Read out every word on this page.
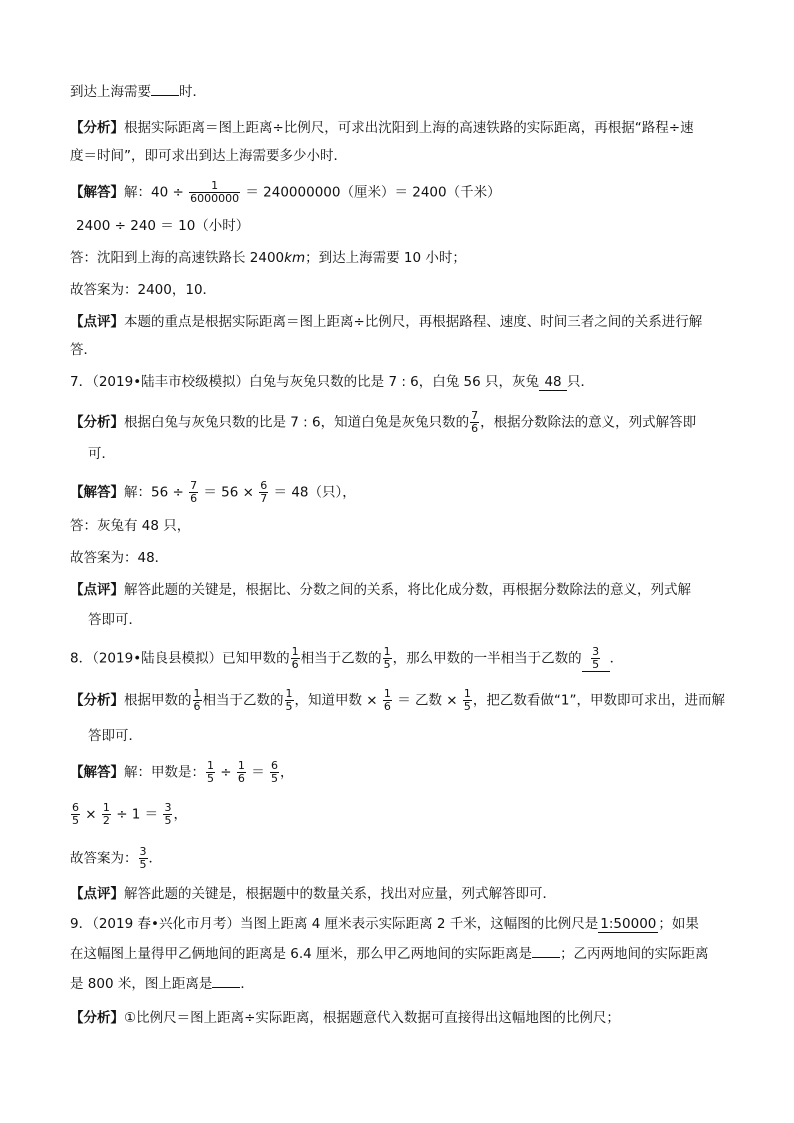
到达上海需要 时．
【分析】根据实际距离＝图上距离÷比例尺，可求出沈阳到上海的高速铁路的实际距离，再根据“路程÷速
度＝时间”，即可求出到达上海需要多少小时．
【解答】解：$40 \div \frac{1}{6000000} = 240000000$（厘米）＝ 2400（千米）
2400 ÷ 240 ＝ 10（小时）
答：沈阳到上海的高速铁路长 2400km；到达上海需要 10 小时；
故答案为：2400，10．
【点评】本题的重点是根据实际距离＝图上距离÷比例尺，再根据路程、速度、时间三者之间的关系进行解
答．
7．（2019•陆丰市校级模拟）白兔与灰兔只数的比是 7 : 6，白兔 56 只，灰兔 48 只．
【分析】根据白兔与灰兔只数的比是 7 : 6，知道白兔是灰兔只数的 $\frac{7}{6}$ ，根据分数除法的意义，列式解答即
可．
【解答】解：$56 \div \frac{7}{6} = 56 \times \frac{6}{7} = 48$（只），
答：灰兔有 48 只，
故答案为：48．
【点评】解答此题的关键是，根据比、分数之间的关系，将比化成分数，再根据分数除法的意义，列式解
答即可．
8．（2019•陆良县模拟）已知甲数的 $\frac{1}{6}$ 相当于乙数的 $\frac{1}{5}$ ，那么甲数的一半相当于乙数的 $\frac{3}{5}$ ．
【分析】根据甲数的 $\frac{1}{6}$ 相当于乙数的 $\frac{1}{5}$ ，知道甲数 × $\frac{1}{6}$ ＝ 乙数 × $\frac{1}{5}$ ，把乙数看做“1”，甲数即可求出，进而解
答即可．
【解答】解：甲数是： $\frac{1}{5} \div \frac{1}{6} = \frac{6}{5}$ ，
$\frac{6}{5} \times \frac{1}{2} \div 1 = \frac{3}{5}$ ，
故答案为： $\frac{3}{5}$ ．
【点评】解答此题的关键是，根据题中的数量关系，找出对应量，列式解答即可．
9．（2019 春•兴化市月考）当图上距离 4 厘米表示实际距离 2 千米，这幅图的比例尺是 1:50000 ；如果
在这幅图上量得甲乙俩地间的距离是 6.4 厘米，那么甲乙两地间的实际距离是 ；乙丙两地间的实际距离
是 800 米，图上距离是 ．
【分析】①比例尺＝图上距离÷实际距离，根据题意代入数据可直接得出这幅地图的比例尺；
